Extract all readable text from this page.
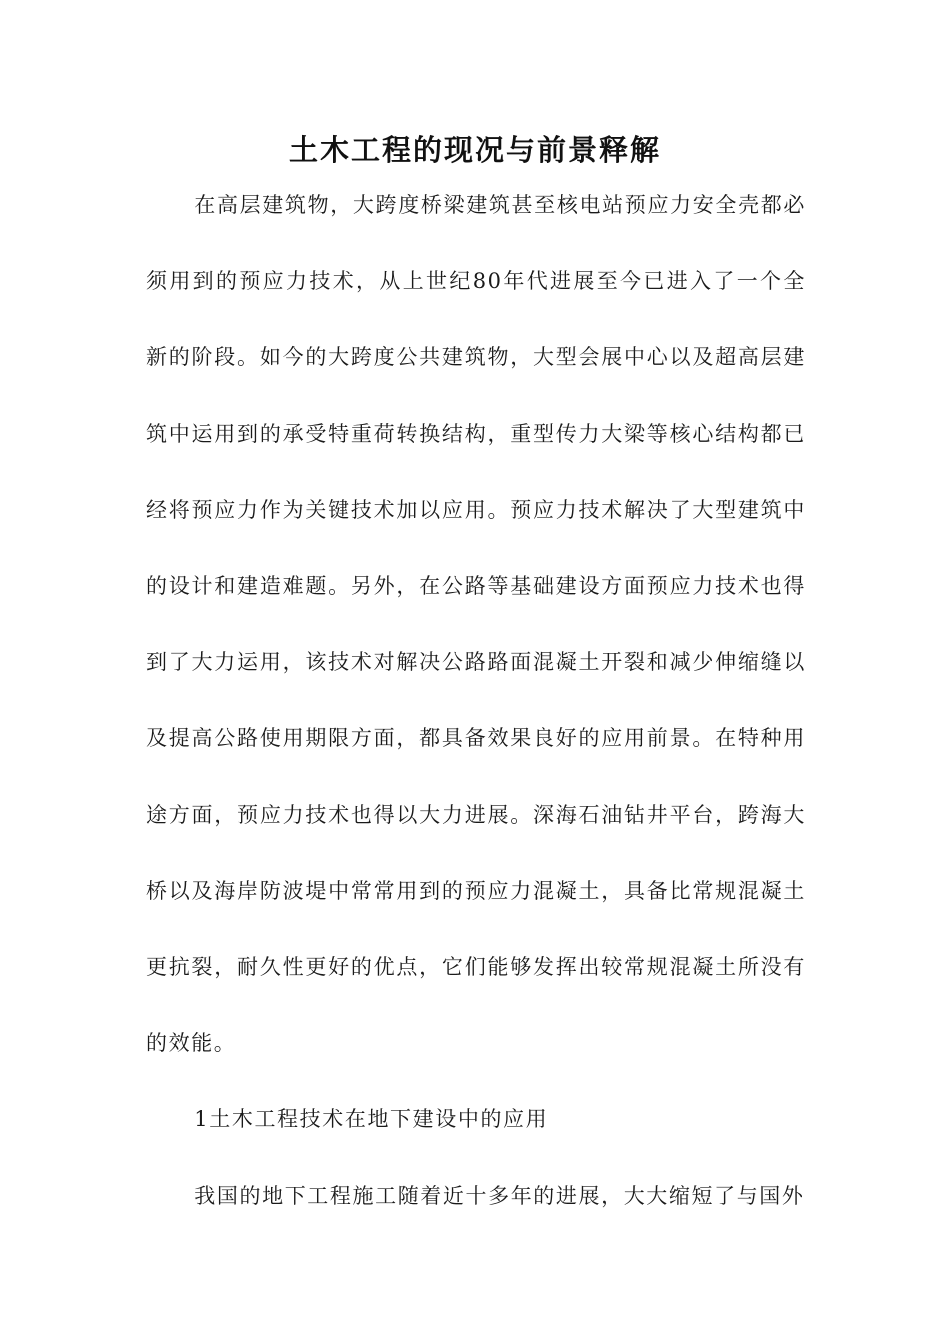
土木工程的现况与前景释解

在高层建筑物，大跨度桥梁建筑甚至核电站预应力安全壳都必须用到的预应力技术，从上世纪80年代进展至今已进入了一个全新的阶段。如今的大跨度公共建筑物，大型会展中心以及超高层建筑中运用到的承受特重荷转换结构，重型传力大梁等核心结构都已经将预应力作为关键技术加以应用。预应力技术解决了大型建筑中的设计和建造难题。另外，在公路等基础建设方面预应力技术也得到了大力运用，该技术对解决公路路面混凝土开裂和减少伸缩缝以及提高公路使用期限方面，都具备效果良好的应用前景。在特种用途方面，预应力技术也得以大力进展。深海石油钻井平台，跨海大桥以及海岸防波堤中常常用到的预应力混凝土，具备比常规混凝土更抗裂，耐久性更好的优点，它们能够发挥出较常规混凝土所没有的效能。

1土木工程技术在地下建设中的应用

我国的地下工程施工随着近十多年的进展，大大缩短了与国外
